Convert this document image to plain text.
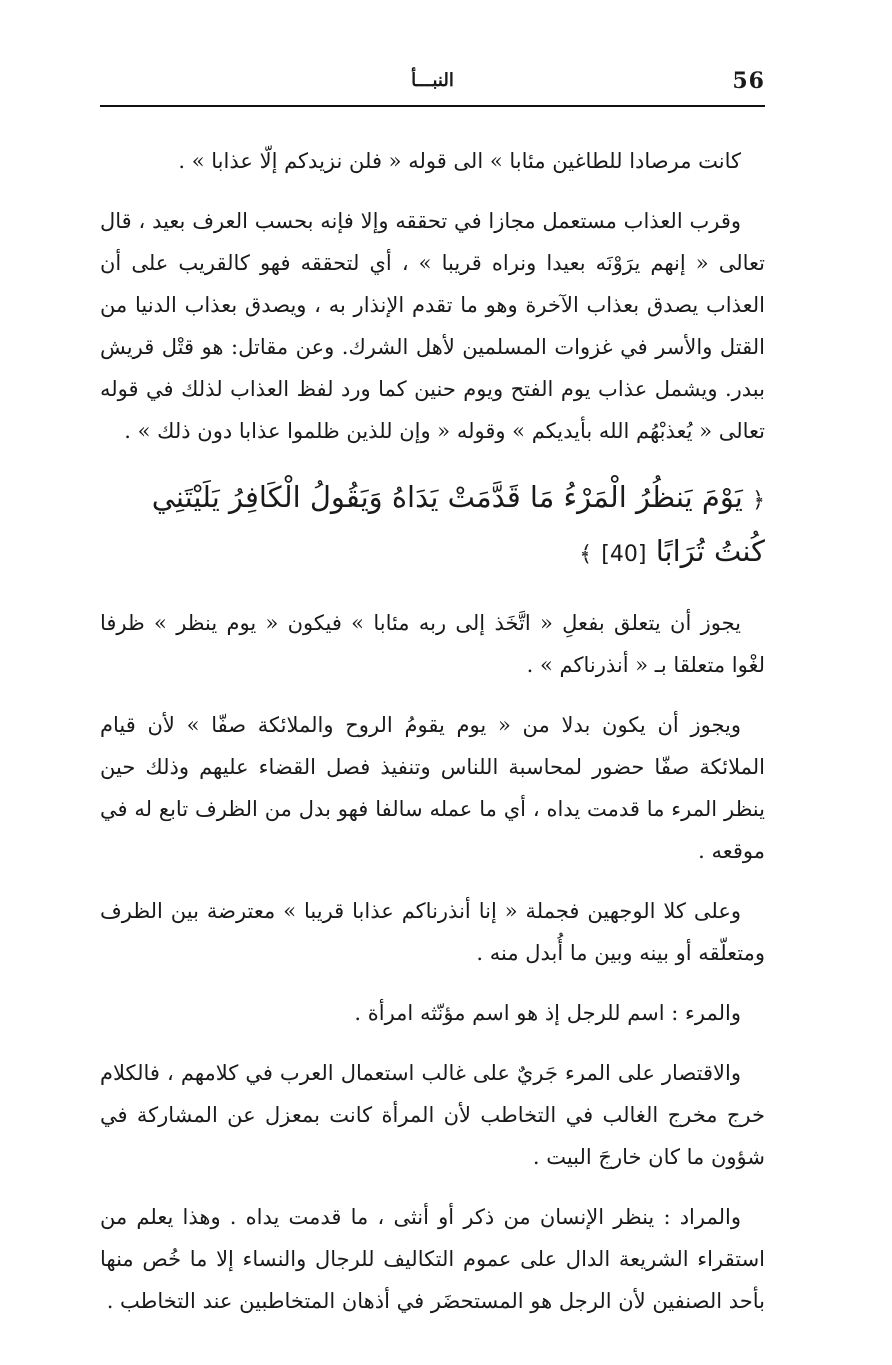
56
النبـــأ

كانت مرصادا للطاغين مئابا » الى قوله « فلن نزيدكم إلّا عذابا » .

وقرب العذاب مستعمل مجازا في تحققه وإلا فإنه بحسب العرف بعيد ، قال تعالى « إنهم يرَوْنَه بعيدا ونراه قريبا » ، أي لتحققه فهو كالقريب على أن العذاب يصدق بعذاب الآخرة وهو ما تقدم الإنذار به ، ويصدق بعذاب الدنيا من القتل والأسر في غزوات المسلمين لأهل الشرك. وعن مقاتل: هو قتْل قريش ببدر. ويشمل عذاب يوم الفتح ويوم حنين كما ورد لفظ العذاب لذلك في قوله تعالى « يُعذبْهُم الله بأيديكم » وقوله « وإن للذين ظلموا عذابا دون ذلك » .

﴿ يَوْمَ يَنظُرُ الْمَرْءُ مَا قَدَّمَتْ يَدَاهُ وَيَقُولُ الْكَافِرُ يَلَيْتَنِي كُنتُ تُرَابًا [40] ﴾

يجوز أن يتعلق بفعلِ « اتَّخَذ إلى ربه مئابا » فيكون « يوم ينظر » ظرفا لغْوا متعلقا بـ « أنذرناكم » .

ويجوز أن يكون بدلا من « يوم يقومُ الروح والملائكة صفّا » لأن قيام الملائكة صفّا حضور لمحاسبة اللناس وتنفيذ فصل القضاء عليهم وذلك حين ينظر المرء ما قدمت يداه ، أي ما عمله سالفا فهو بدل من الظرف تابع له في موقعه .

وعلى كلا الوجهين فجملة « إنا أنذرناكم عذابا قريبا » معترضة بين الظرف ومتعلّقه أو بينه وبين ما أُبدل منه .

والمرء : اسم للرجل إذ هو اسم مؤنّثه امرأة .

والاقتصار على المرء جَريٌ على غالب استعمال العرب في كلامهم ، فالكلام خرج مخرج الغالب في التخاطب لأن المرأة كانت بمعزل عن المشاركة في شؤون ما كان خارجَ البيت .

والمراد : ينظر الإنسان من ذكر أو أنثى ، ما قدمت يداه . وهذا يعلم من استقراء الشريعة الدال على عموم التكاليف للرجال والنساء إلا ما خُص منها بأحد الصنفين لأن الرجل هو المستحضَر في أذهان المتخاطبين عند التخاطب .
